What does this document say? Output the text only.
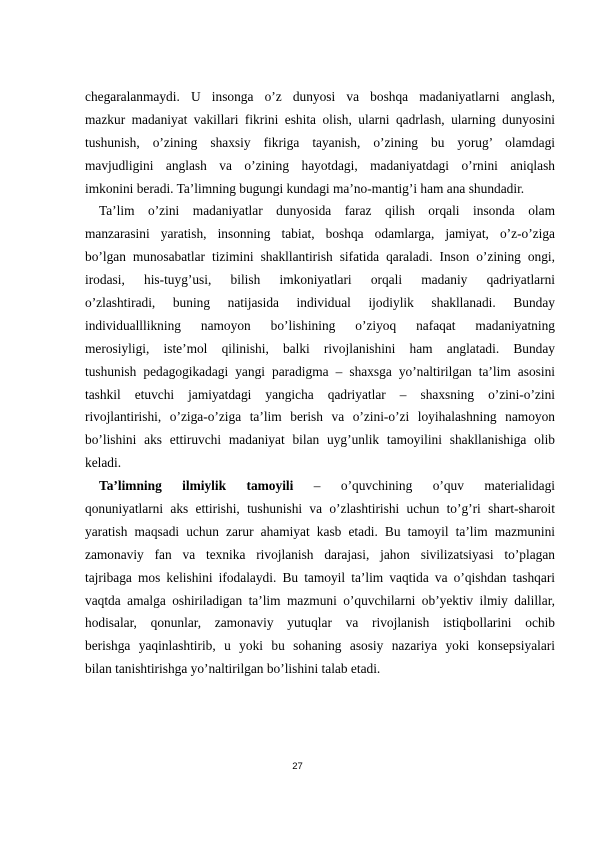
chegaralanmaydi. U insonga o’z dunyosi va boshqa madaniyatlarni anglash,
mazkur madaniyat vakillari fikrini eshita olish, ularni qadrlash, ularning dunyosini
tushunish, o’zining shaxsiy fikriga tayanish, o’zining bu yorug’ olamdagi
mavjudligini anglash va o’zining hayotdagi, madaniyatdagi o’rnini aniqlash
imkonini beradi. Ta’limning bugungi kundagi ma’no-mantig’i ham ana shundadir.
Ta’lim o’zini madaniyatlar dunyosida faraz qilish orqali insonda olam
manzarasini yaratish, insonning tabiat, boshqa odamlarga, jamiyat, o’z-o’ziga
bo’lgan munosabatlar tizimini shakllantirish sifatida qaraladi. Inson o’zining ongi,
irodasi, his-tuyg’usi, bilish imkoniyatlari orqali madaniy qadriyatlarni
o’zlashtiradi, buning natijasida individual ijodiylik shakllanadi. Bunday
individualllikning namoyon bo’lishining o’ziyoq nafaqat madaniyatning
merosiyligi, iste’mol qilinishi, balki rivojlanishini ham anglatadi. Bunday
tushunish pedagogikadagi yangi paradigma – shaxsga yo’naltirilgan ta’lim asosini
tashkil etuvchi jamiyatdagi yangicha qadriyatlar – shaxsning o’zini-o’zini
rivojlantirishi, o’ziga-o’ziga ta’lim berish va o’zini-o’zi loyihalashning namoyon
bo’lishini aks ettiruvchi madaniyat bilan uyg’unlik tamoyilini shakllanishiga olib
keladi.
Ta’limning ilmiylik tamoyili – o’quvchining o’quv materialidagi
qonuniyatlarni aks ettirishi, tushunishi va o’zlashtirishi uchun to’g’ri shart-sharoit
yaratish maqsadi uchun zarur ahamiyat kasb etadi. Bu tamoyil ta’lim mazmunini
zamonaviy fan va texnika rivojlanish darajasi, jahon sivilizatsiyasi to’plagan
tajribaga mos kelishini ifodalaydi. Bu tamoyil ta’lim vaqtida va o’qishdan tashqari
vaqtda amalga oshiriladigan ta’lim mazmuni o’quvchilarni ob’yektiv ilmiy dalillar,
hodisalar, qonunlar, zamonaviy yutuqlar va rivojlanish istiqbollarini ochib
berishga yaqinlashtirib, u yoki bu sohaning asosiy nazariya yoki konsepsiyalari
bilan tanishtirishga yo’naltirilgan bo’lishini talab etadi.
27
